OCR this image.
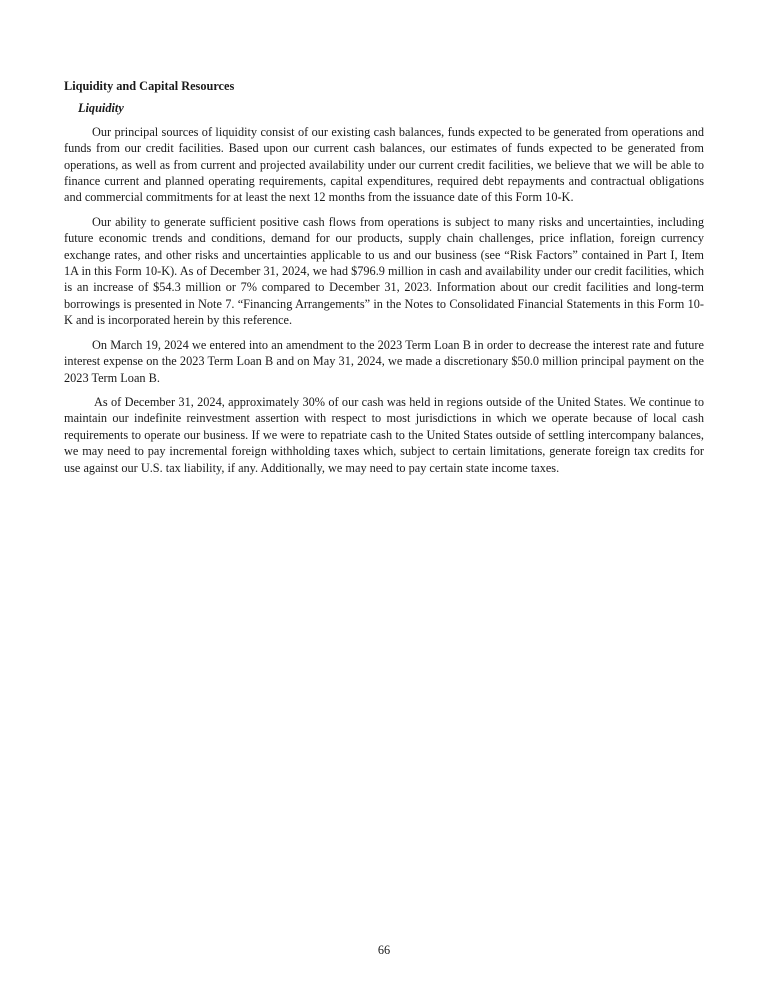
Liquidity and Capital Resources
Liquidity

Our principal sources of liquidity consist of our existing cash balances, funds expected to be generated from operations and funds from our credit facilities. Based upon our current cash balances, our estimates of funds expected to be generated from operations, as well as from current and projected availability under our current credit facilities, we believe that we will be able to finance current and planned operating requirements, capital expenditures, required debt repayments and contractual obligations and commercial commitments for at least the next 12 months from the issuance date of this Form 10-K.

Our ability to generate sufficient positive cash flows from operations is subject to many risks and uncertainties, including future economic trends and conditions, demand for our products, supply chain challenges, price inflation, foreign currency exchange rates, and other risks and uncertainties applicable to us and our business (see “Risk Factors” contained in Part I, Item 1A in this Form 10-K). As of December 31, 2024, we had $796.9 million in cash and availability under our credit facilities, which is an increase of $54.3 million or 7% compared to December 31, 2023. Information about our credit facilities and long-term borrowings is presented in Note 7. “Financing Arrangements” in the Notes to Consolidated Financial Statements in this Form 10-K and is incorporated herein by this reference.

On March 19, 2024 we entered into an amendment to the 2023 Term Loan B in order to decrease the interest rate and future interest expense on the 2023 Term Loan B and on May 31, 2024, we made a discretionary $50.0 million principal payment on the 2023 Term Loan B.

As of December 31, 2024, approximately 30% of our cash was held in regions outside of the United States. We continue to maintain our indefinite reinvestment assertion with respect to most jurisdictions in which we operate because of local cash requirements to operate our business. If we were to repatriate cash to the United States outside of settling intercompany balances, we may need to pay incremental foreign withholding taxes which, subject to certain limitations, generate foreign tax credits for use against our U.S. tax liability, if any. Additionally, we may need to pay certain state income taxes.

66
